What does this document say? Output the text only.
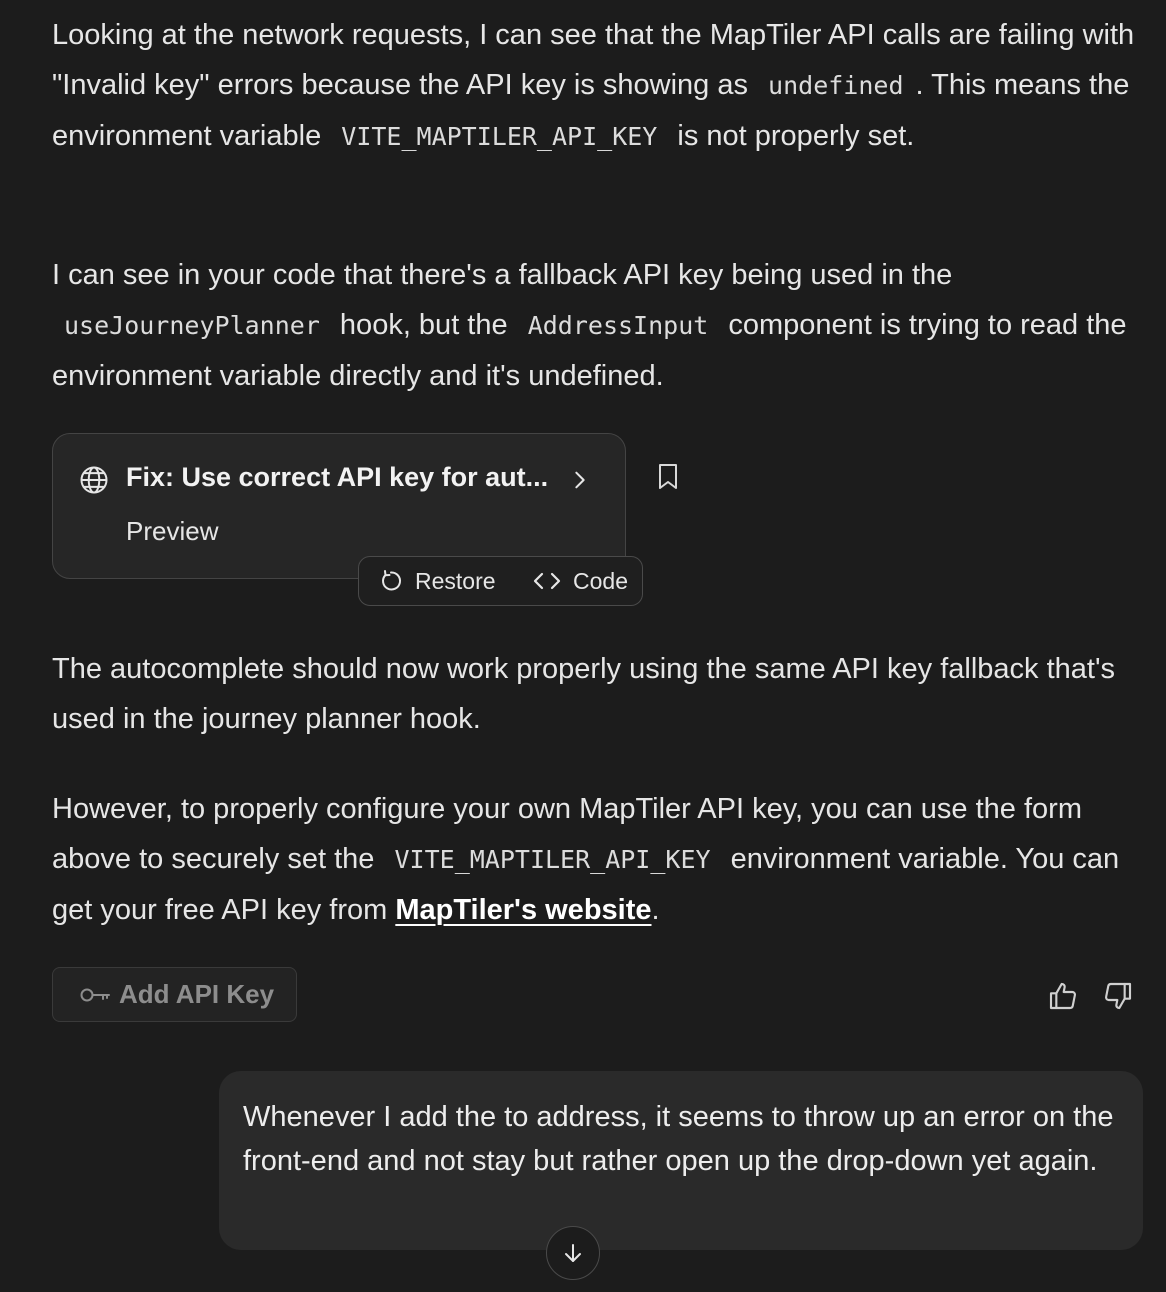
Looking at the network requests, I can see that the MapTiler API calls are failing with "Invalid key" errors because the API key is showing as undefined . This means the environment variable VITE_MAPTILER_API_KEY is not properly set.

I can see in your code that there's a fallback API key being used in the useJourneyPlanner hook, but the AddressInput component is trying to read the environment variable directly and it's undefined.

Fix: Use correct API key for aut...
Preview
Restore	Code

The autocomplete should now work properly using the same API key fallback that's used in the journey planner hook.

However, to properly configure your own MapTiler API key, you can use the form above to securely set the VITE_MAPTILER_API_KEY environment variable. You can get your free API key from MapTiler's website.

Add API Key
Whenever I add the to address, it seems to throw up an error on the front-end and not stay but rather open up the drop-down yet again.
